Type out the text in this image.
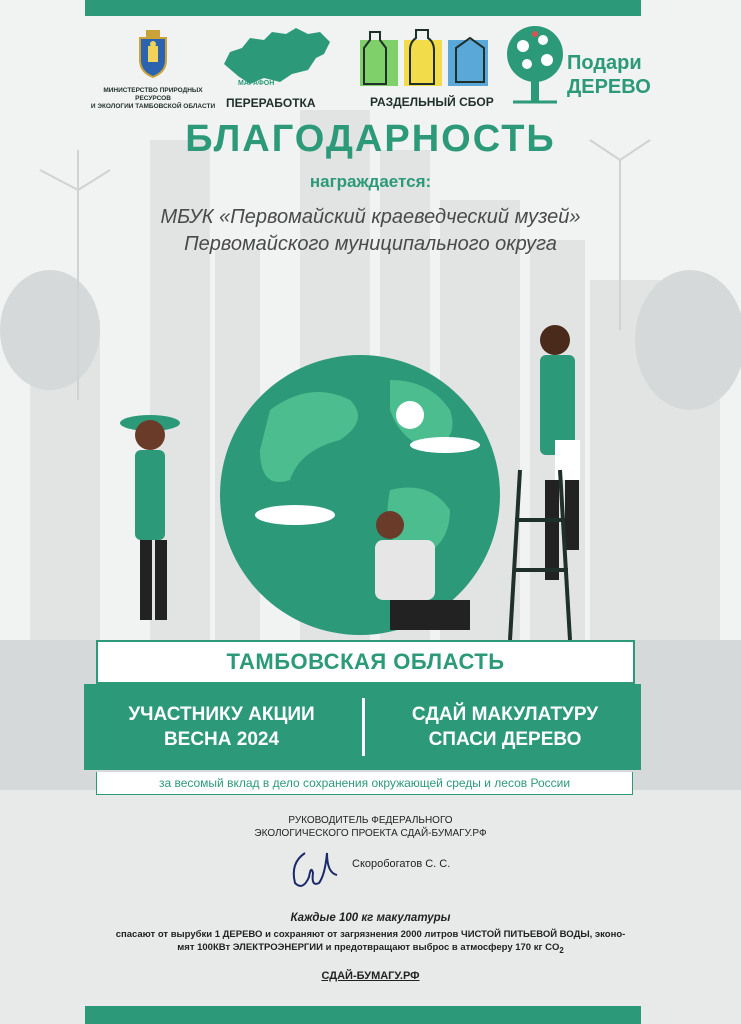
МИНИСТЕРСТВО ПРИРОДНЫХ РЕСУРСОВ
И ЭКОЛОГИИ ТАМБОВСКОЙ ОБЛАСТИ
ЭКО
МАРАФОН
ПЕРЕРАБОТКА	РАЗДЕЛЬНЫЙ СБОР
Подари
ДЕРЕВО
БЛАГОДАРНОСТЬ
награждается:
МБУК «Первомайский краеведческий музей»
Первомайского муниципального округа
ТАМБОВСКАЯ ОБЛАСТЬ
УЧАСТНИКУ АКЦИИ
ВЕСНА 2024
СДАЙ МАКУЛАТУРУ
СПАСИ ДЕРЕВО
за весомый вклад в дело сохранения окружающей среды и лесов России
РУКОВОДИТЕЛЬ ФЕДЕРАЛЬНОГО
ЭКОЛОГИЧЕСКОГО ПРОЕКТА СДАЙ-БУМАГУ.РФ
Скоробогатов С. С.
Каждые 100 кг макулатуры
спасают от вырубки 1 ДЕРЕВО и сохраняют от загрязнения 2000 литров ЧИСТОЙ ПИТЬЕВОЙ ВОДЫ, эконо-
мят 100КВт ЭЛЕКТРОЭНЕРГИИ и предотвращают выброс в атмосферу 170 кг $CO_2$
СДАЙ-БУМАГУ.РФ
